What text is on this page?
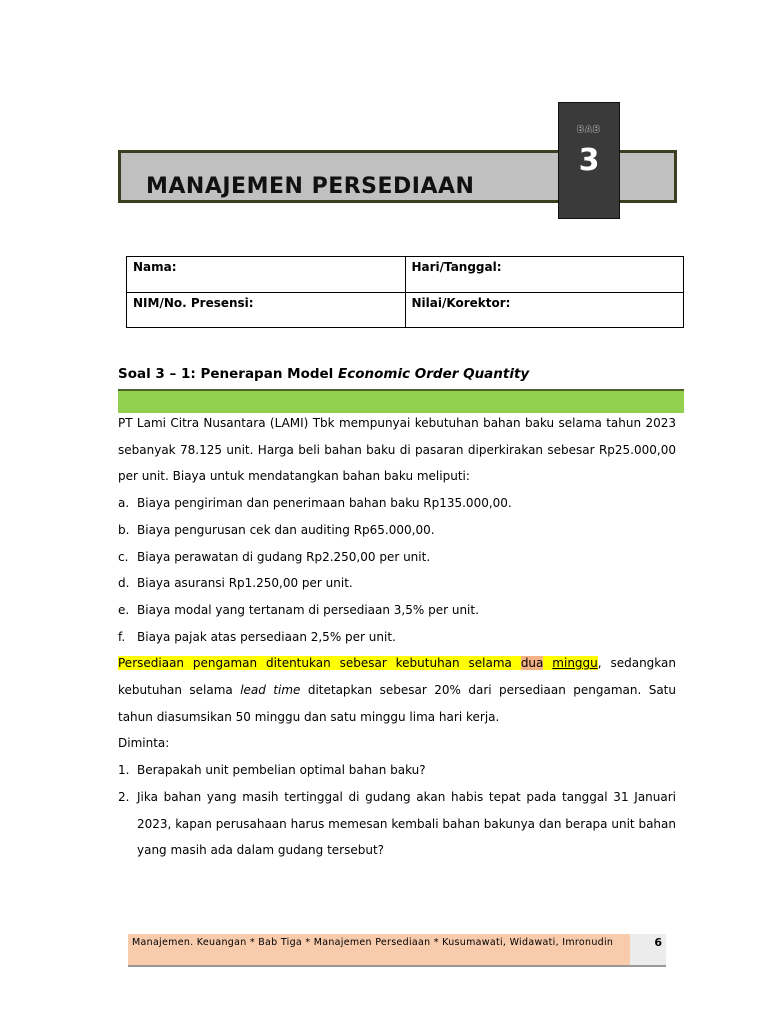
MANAJEMEN PERSEDIAAN
BAB
3
Nama:	Hari/Tanggal:
NIM/No. Presensi:	Nilai/Korektor:
Soal 3 – 1: Penerapan Model Economic Order Quantity

PT Lami Citra Nusantara (LAMI) Tbk mempunyai kebutuhan bahan baku selama tahun 2023 sebanyak 78.125 unit. Harga beli bahan baku di pasaran diperkirakan sebesar Rp25.000,00 per unit. Biaya untuk mendatangkan bahan baku meliputi:

a. Biaya pengiriman dan penerimaan bahan baku Rp135.000,00.
b. Biaya pengurusan cek dan auditing Rp65.000,00.
c. Biaya perawatan di gudang Rp2.250,00 per unit.
d. Biaya asuransi Rp1.250,00 per unit.
e. Biaya modal yang tertanam di persediaan 3,5% per unit.
f. Biaya pajak atas persediaan 2,5% per unit.

Persediaan pengaman ditentukan sebesar kebutuhan selama dua minggu, sedangkan kebutuhan selama lead time ditetapkan sebesar 20% dari persediaan pengaman. Satu tahun diasumsikan 50 minggu dan satu minggu lima hari kerja.

Diminta:

1. Berapakah unit pembelian optimal bahan baku?
2. Jika bahan yang masih tertinggal di gudang akan habis tepat pada tanggal 31 Januari 2023, kapan perusahaan harus memesan kembali bahan bakunya dan berapa unit bahan yang masih ada dalam gudang tersebut?
Manajemen. Keuangan * Bab Tiga * Manajemen Persediaan * Kusumawati, Widawati, Imronudin	6
